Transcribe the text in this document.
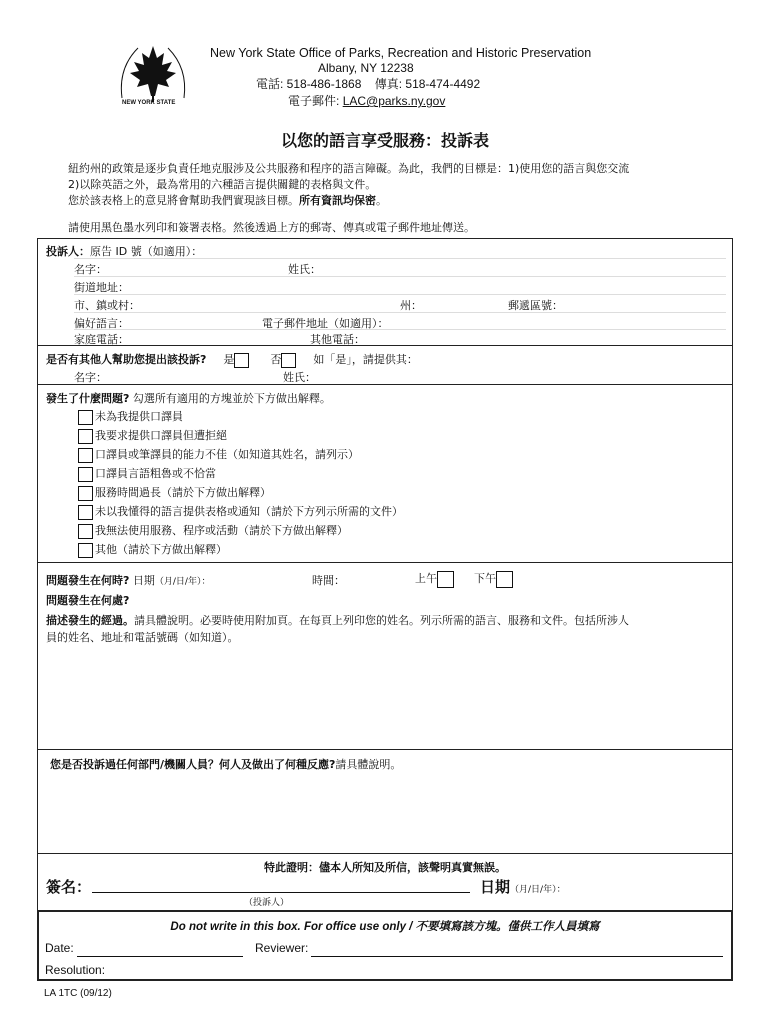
NEW YORK STATE
New York State Office of Parks, Recreation and Historic Preservation
Albany, NY 12238
電話: 518-486-1868    傳真: 518-474-4492
電子郵件: LAC@parks.ny.gov
以您的語言享受服務：投訴表
紐約州的政策是逐步負責任地克服涉及公共服務和程序的語言障礙。為此，我們的目標是：1)使用您的語言與您交流
2)以除英語之外，最為常用的六種語言提供關鍵的表格與文件。
您於該表格上的意見將會幫助我們實現該目標。所有資訊均保密。
請使用黑色墨水列印和簽署表格。然後透過上方的郵寄、傳真或電子郵件地址傳送。
投訴人：原告 ID 號（如適用）：
名字：	姓氏：
街道地址：
市、鎮或村：	州：	郵遞區號：
偏好語言：	電子郵件地址（如適用）：
家庭電話：	其他電話：
是否有其他人幫助您提出該投訴? 是	否	如「是」，請提供其：
名字：	姓氏：
發生了什麼問題? 勾選所有適用的方塊並於下方做出解釋。
未為我提供口譯員
我要求提供口譯員但遭拒絕
口譯員或筆譯員的能力不佳（如知道其姓名，請列示）
口譯員言語粗魯或不恰當
服務時間過長（請於下方做出解釋）
未以我懂得的語言提供表格或通知（請於下方列示所需的文件）
我無法使用服務、程序或活動（請於下方做出解釋）
其他（請於下方做出解釋）
問題發生在何時? 日期（月/日/年）：	時間：	上午	下午
問題發生在何處?
描述發生的經過。請具體說明。必要時使用附加頁。在每頁上列印您的姓名。列示所需的語言、服務和文件。包括所涉人
員的姓名、地址和電話號碼（如知道）。
您是否投訴過任何部門/機關人員？何人及做出了何種反應?請具體說明。
特此證明：儘本人所知及所信，該聲明真實無誤。
簽名：	日期（月/日/年）：
（投訴人）
Do not write in this box. For office use only / 不要填寫該方塊。僅供工作人員填寫
Date:	Reviewer:
Resolution:
LA 1TC (09/12)
